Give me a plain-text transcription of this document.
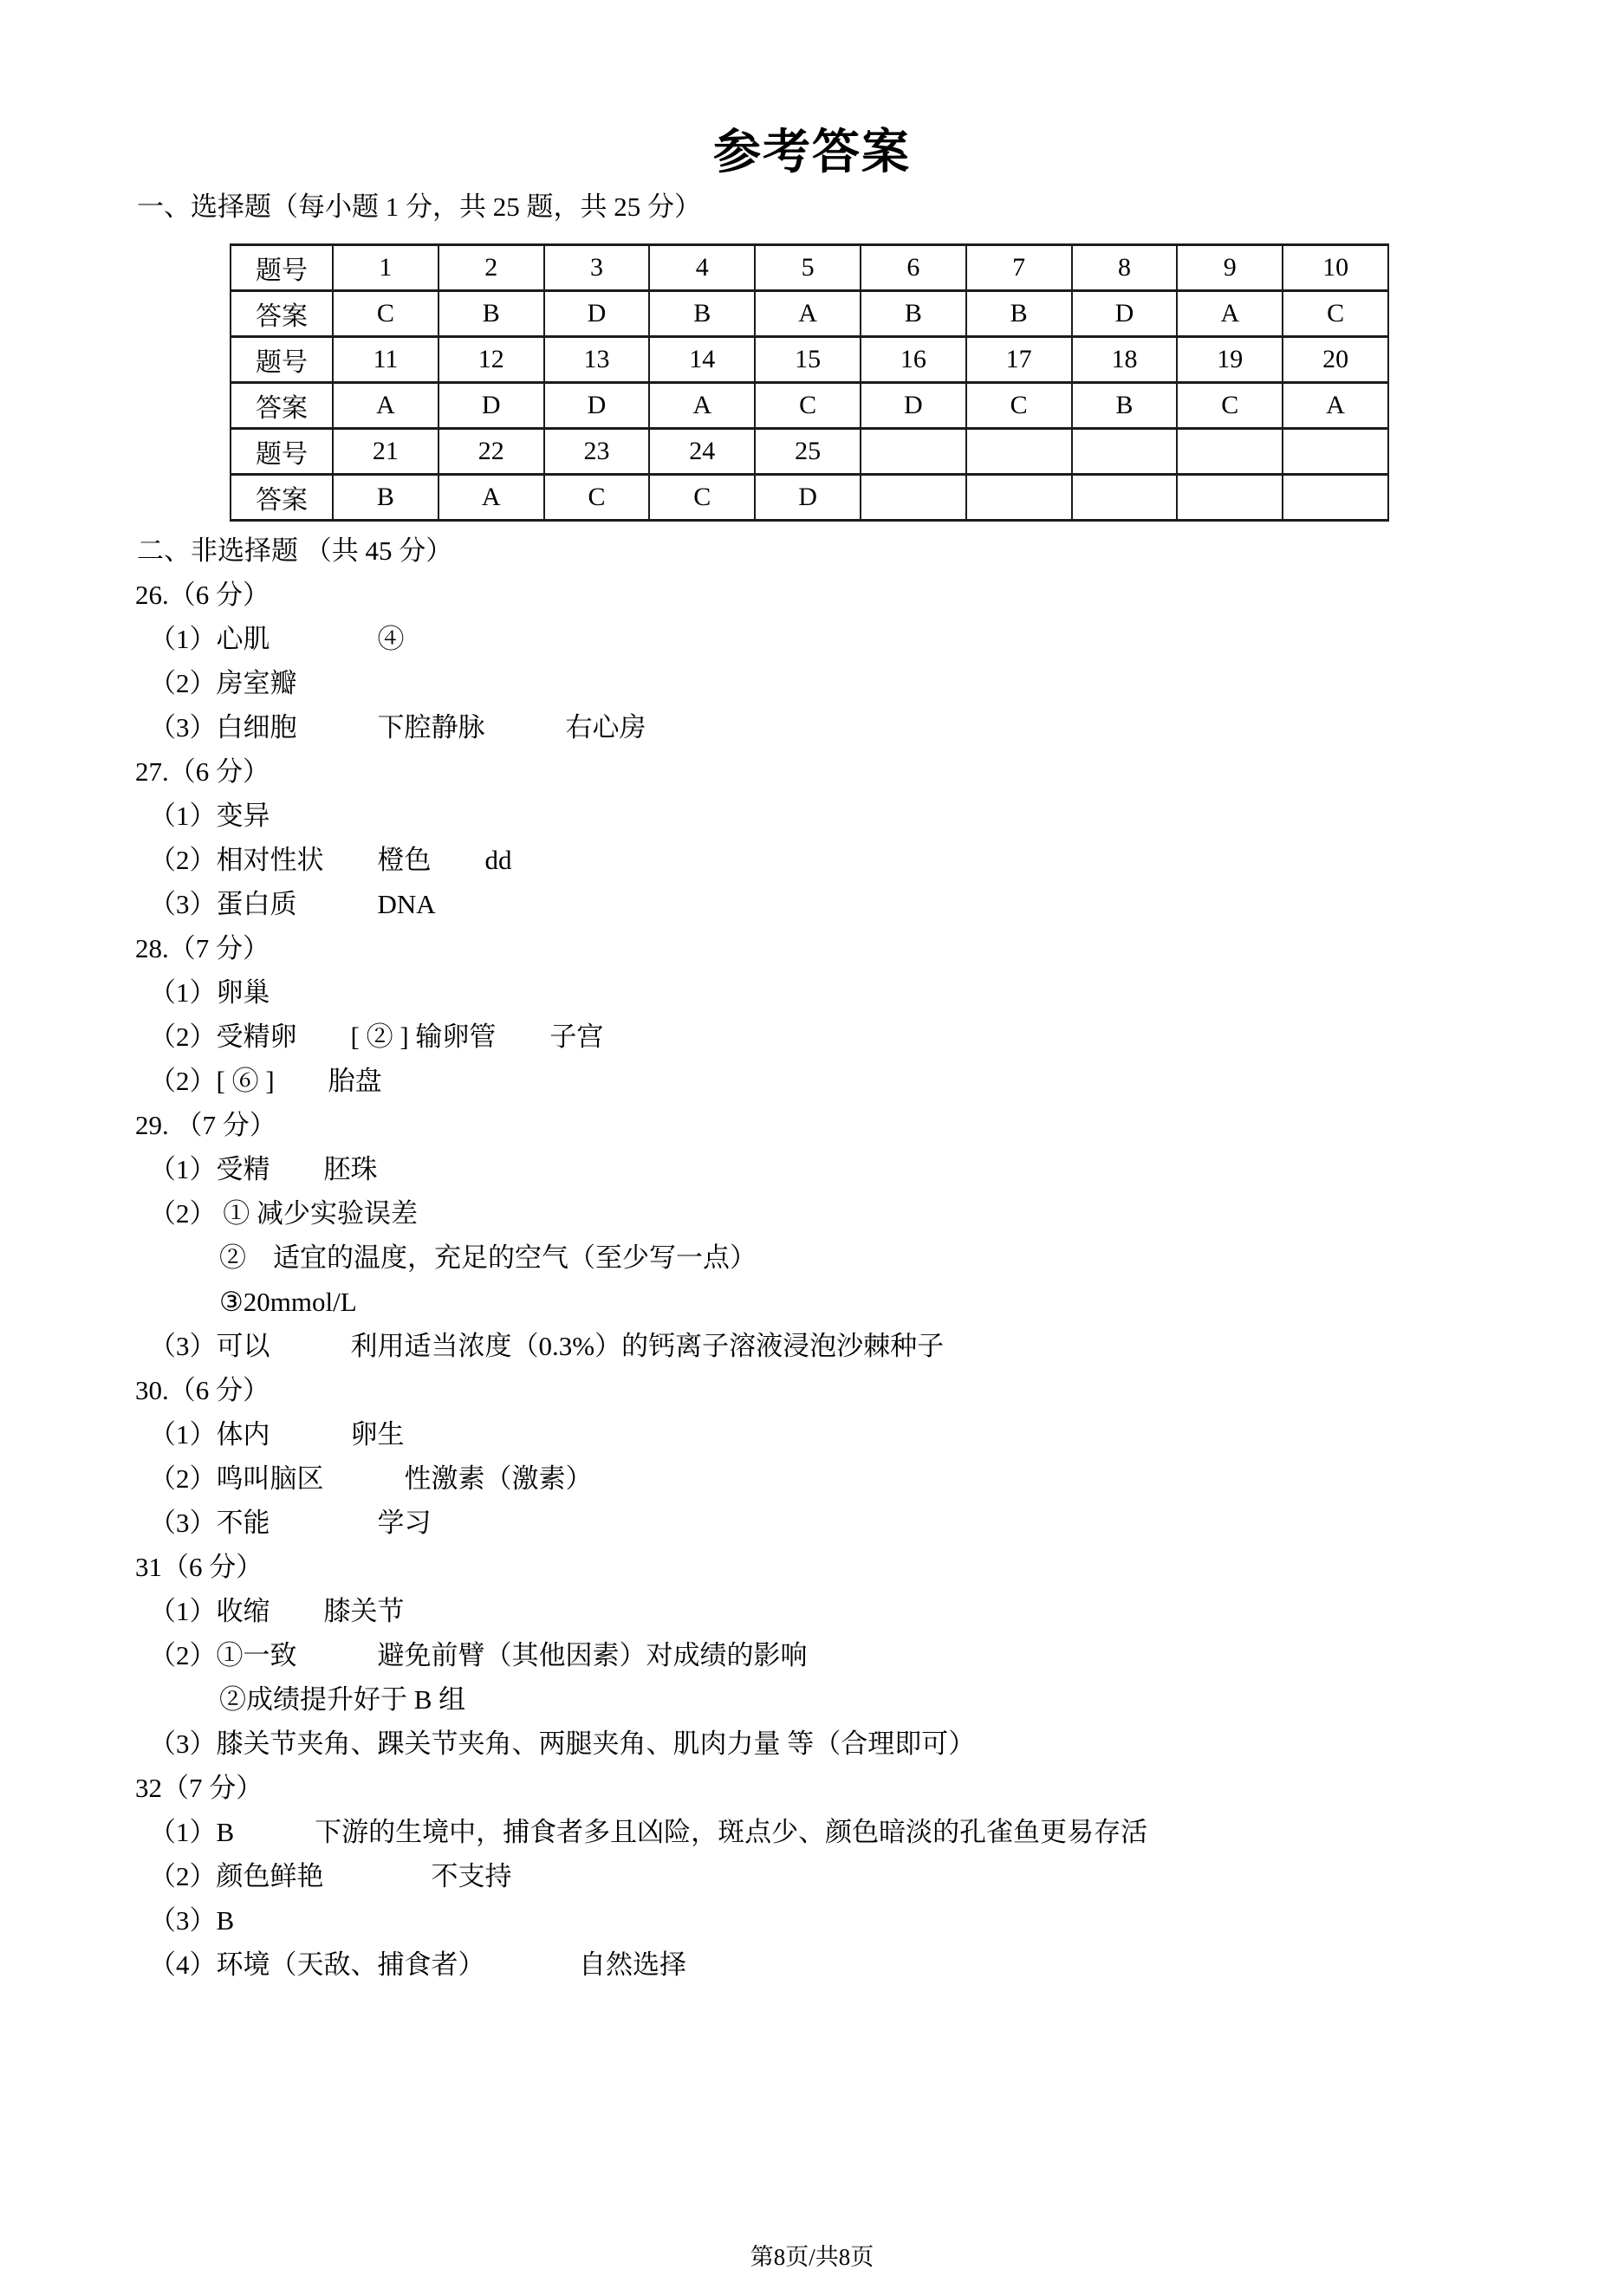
参考答案
一、选择题（每小题 1 分，共 25 题，共 25 分）
题号	1	2	3	4	5	6	7	8	9	10
答案	C	B	D	B	A	B	B	D	A	C
题号	11	12	13	14	15	16	17	18	19	20
答案	A	D	D	A	C	D	C	B	C	A
题号	21	22	23	24	25					
答案	B	A	C	C	D					
二、非选择题 （共 45 分）
26.（6 分）
（1）心肌　　　　④
（2）房室瓣
（3）白细胞　　　下腔静脉　　　右心房
27.（6 分）
（1）变异
（2）相对性状　　橙色　　dd
（3）蛋白质　　　DNA
28.（7 分）
（1）卵巢
（2）受精卵　　[ ② ] 输卵管　　子宫
（2）[ ⑥ ]　　胎盘
29. （7 分）
（1）受精　　胚珠
（2） ① 减少实验误差
②　适宜的温度，充足的空气（至少写一点）
③20mmol/L
（3）可以　　　利用适当浓度（0.3%）的钙离子溶液浸泡沙棘种子
30.（6 分）
（1）体内　　　卵生
（2）鸣叫脑区　　　性激素（激素）
（3）不能　　　　学习
31（6 分）
（1）收缩　　膝关节
（2）①一致　　　避免前臂（其他因素）对成绩的影响
②成绩提升好于 B 组
（3）膝关节夹角、踝关节夹角、两腿夹角、肌肉力量 等（合理即可）
32（7 分）
（1）B　　　下游的生境中，捕食者多且凶险，斑点少、颜色暗淡的孔雀鱼更易存活
（2）颜色鲜艳　　　　不支持
（3）B
（4）环境（天敌、捕食者）　　　　自然选择
第8页/共8页
